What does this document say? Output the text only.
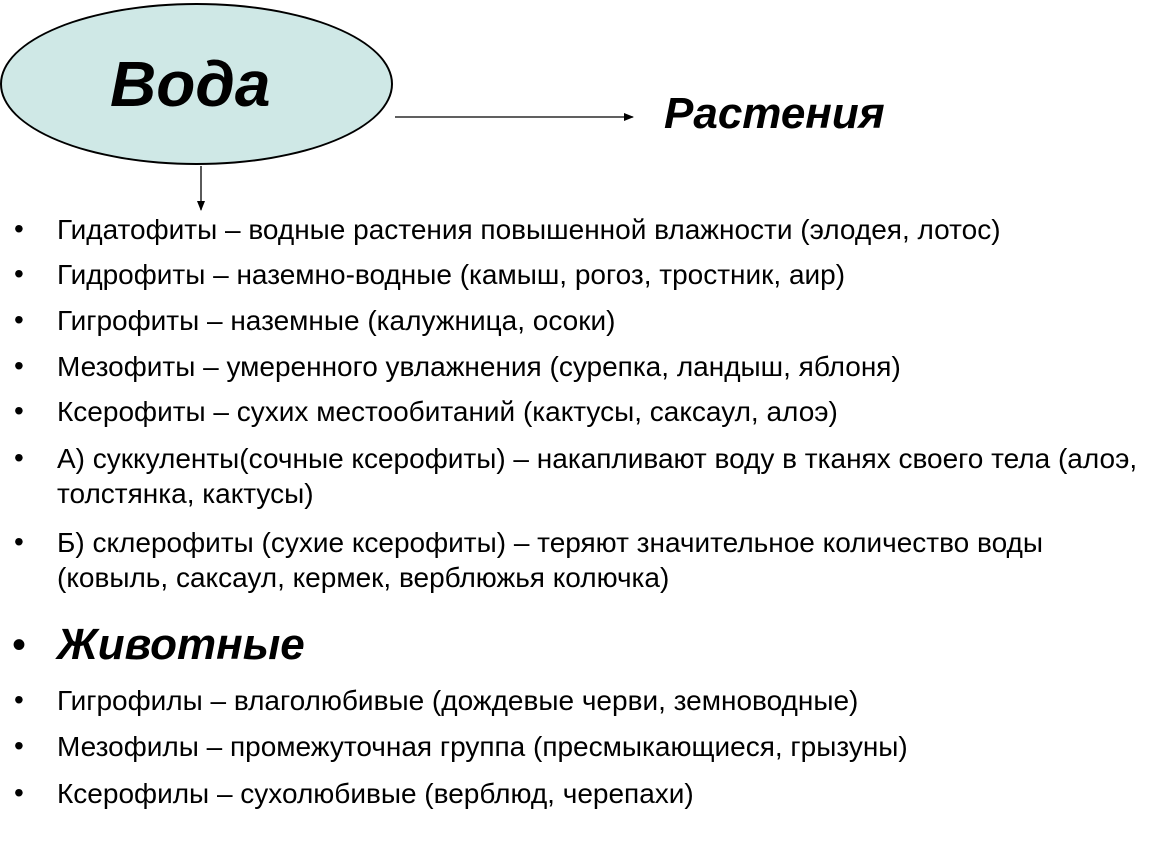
Вода	Растения
• Гидатофиты – водные растения повышенной влажности (элодея, лотос)
• Гидрофиты – наземно-водные (камыш, рогоз, тростник, аир)
• Гигрофиты – наземные (калужница, осоки)
• Мезофиты – умеренного увлажнения (сурепка, ландыш, яблоня)
• Ксерофиты – сухих местообитаний (кактусы, саксаул, алоэ)
• А) суккуленты(сочные ксерофиты) – накапливают воду в тканях своего тела (алоэ, толстянка, кактусы)
• Б) склерофиты (сухие ксерофиты) – теряют значительное количество воды (ковыль, саксаул, кермек, верблюжья колючка)
• Животные
• Гигрофилы – влаголюбивые (дождевые черви, земноводные)
• Мезофилы – промежуточная группа (пресмыкающиеся, грызуны)
• Ксерофилы – сухолюбивые (верблюд, черепахи)
